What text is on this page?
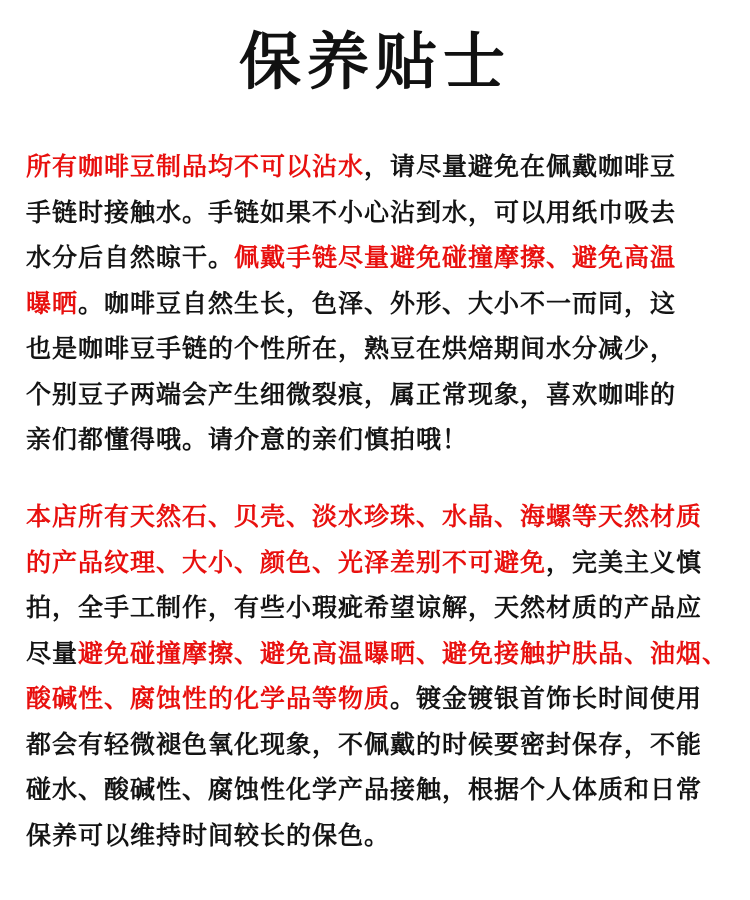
保养贴士
所有咖啡豆制品均不可以沾水，请尽量避免在佩戴咖啡豆
手链时接触水。手链如果不小心沾到水，可以用纸巾吸去
水分后自然晾干。佩戴手链尽量避免碰撞摩擦、避免高温
曝晒。咖啡豆自然生长，色泽、外形、大小不一而同，这
也是咖啡豆手链的个性所在，熟豆在烘焙期间水分减少，
个别豆子两端会产生细微裂痕，属正常现象，喜欢咖啡的
亲们都懂得哦。请介意的亲们慎拍哦！
本店所有天然石、贝壳、淡水珍珠、水晶、海螺等天然材质
的产品纹理、大小、颜色、光泽差别不可避免，完美主义慎
拍，全手工制作，有些小瑕疵希望谅解，天然材质的产品应
尽量避免碰撞摩擦、避免高温曝晒、避免接触护肤品、油烟、
酸碱性、腐蚀性的化学品等物质。镀金镀银首饰长时间使用
都会有轻微褪色氧化现象，不佩戴的时候要密封保存，不能
碰水、酸碱性、腐蚀性化学产品接触，根据个人体质和日常
保养可以维持时间较长的保色。
